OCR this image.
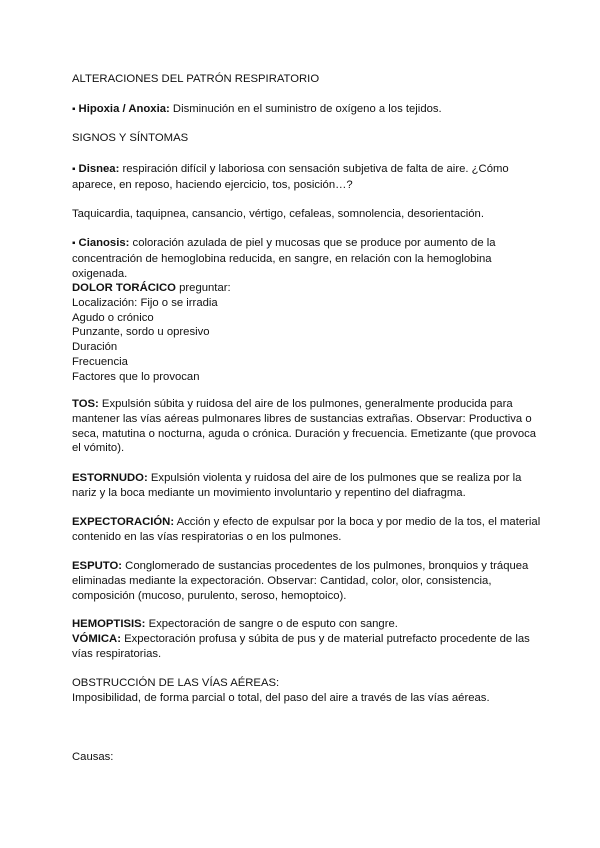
ALTERACIONES DEL PATRÓN RESPIRATORIO

▪ Hipoxia / Anoxia: Disminución en el suministro de oxígeno a los tejidos.

SIGNOS Y SÍNTOMAS

▪ Disnea: respiración difícil y laboriosa con sensación subjetiva de falta de aire. ¿Cómo aparece, en reposo, haciendo ejercicio, tos, posición…?

Taquicardia, taquipnea, cansancio, vértigo, cefaleas, somnolencia, desorientación.

▪ Cianosis: coloración azulada de piel y mucosas que se produce por aumento de la concentración de hemoglobina reducida, en sangre, en relación con la hemoglobina oxigenada.

DOLOR TORÁCICO preguntar:

Localización: Fijo o se irradia

Agudo o crónico

Punzante, sordo u opresivo

Duración

Frecuencia

Factores que lo provocan

TOS: Expulsión súbita y ruidosa del aire de los pulmones, generalmente producida para mantener las vías aéreas pulmonares libres de sustancias extrañas. Observar: Productiva o seca, matutina o nocturna, aguda o crónica. Duración y frecuencia. Emetizante (que provoca el vómito).

ESTORNUDO: Expulsión violenta y ruidosa del aire de los pulmones que se realiza por la nariz y la boca mediante un movimiento involuntario y repentino del diafragma.

EXPECTORACIÓN: Acción y efecto de expulsar por la boca y por medio de la tos, el material contenido en las vías respiratorias o en los pulmones.

ESPUTO: Conglomerado de sustancias procedentes de los pulmones, bronquios y tráquea eliminadas mediante la expectoración. Observar: Cantidad, color, olor, consistencia, composición (mucoso, purulento, seroso, hemoptoico).

HEMOPTISIS: Expectoración de sangre o de esputo con sangre.

VÓMICA: Expectoración profusa y súbita de pus y de material putrefacto procedente de las vías respiratorias.

OBSTRUCCIÓN DE LAS VÍAS AÉREAS:

Imposibilidad, de forma parcial o total, del paso del aire a través de las vías aéreas.

Causas:
